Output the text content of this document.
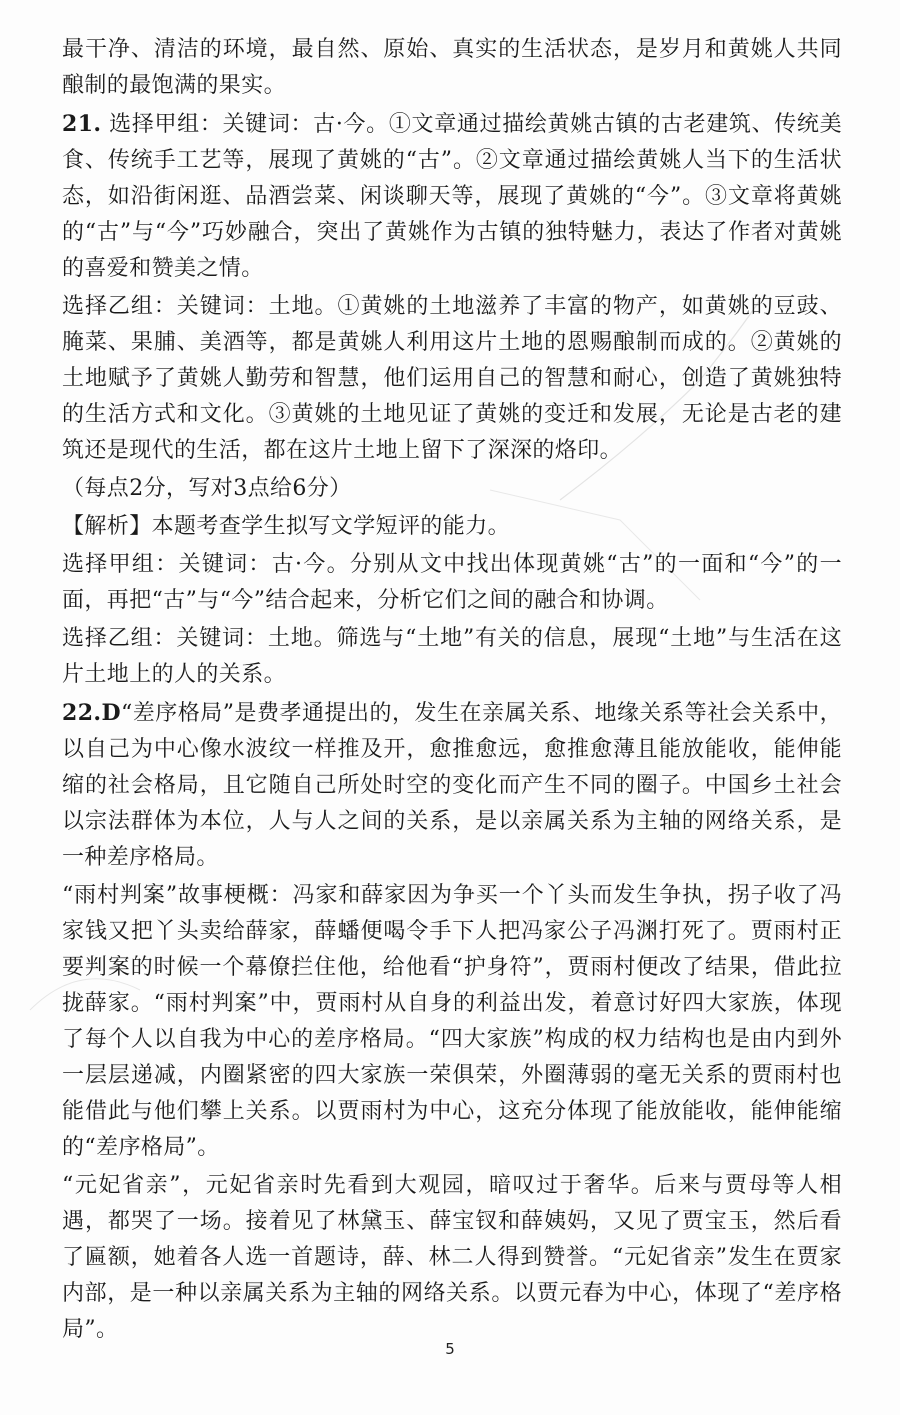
最干净、清洁的环境，最自然、原始、真实的生活状态，是岁月和黄姚人共同酿制的最饱满的果实。

21. 选择甲组：关键词：古·今。①文章通过描绘黄姚古镇的古老建筑、传统美食、传统手工艺等，展现了黄姚的“古”。②文章通过描绘黄姚人当下的生活状态，如沿街闲逛、品酒尝菜、闲谈聊天等，展现了黄姚的“今”。③文章将黄姚的“古”与“今”巧妙融合，突出了黄姚作为古镇的独特魅力，表达了作者对黄姚的喜爱和赞美之情。

选择乙组：关键词：土地。①黄姚的土地滋养了丰富的物产，如黄姚的豆豉、腌菜、果脯、美酒等，都是黄姚人利用这片土地的恩赐酿制而成的。②黄姚的土地赋予了黄姚人勤劳和智慧，他们运用自己的智慧和耐心，创造了黄姚独特的生活方式和文化。③黄姚的土地见证了黄姚的变迁和发展，无论是古老的建筑还是现代的生活，都在这片土地上留下了深深的烙印。

（每点2分，写对3点给6分）

【解析】本题考查学生拟写文学短评的能力。

选择甲组：关键词：古·今。分别从文中找出体现黄姚“古”的一面和“今”的一面，再把“古”与“今”结合起来，分析它们之间的融合和协调。

选择乙组：关键词：土地。筛选与“土地”有关的信息，展现“土地”与生活在这片土地上的人的关系。

22.D“差序格局”是费孝通提出的，发生在亲属关系、地缘关系等社会关系中，以自己为中心像水波纹一样推及开，愈推愈远，愈推愈薄且能放能收，能伸能缩的社会格局，且它随自己所处时空的变化而产生不同的圈子。中国乡土社会以宗法群体为本位，人与人之间的关系，是以亲属关系为主轴的网络关系，是一种差序格局。

“雨村判案”故事梗概：冯家和薛家因为争买一个丫头而发生争执，拐子收了冯家钱又把丫头卖给薛家，薛蟠便喝令手下人把冯家公子冯渊打死了。贾雨村正要判案的时候一个幕僚拦住他，给他看“护身符”，贾雨村便改了结果，借此拉拢薛家。“雨村判案”中，贾雨村从自身的利益出发，着意讨好四大家族，体现了每个人以自我为中心的差序格局。“四大家族”构成的权力结构也是由内到外一层层递减，内圈紧密的四大家族一荣俱荣，外圈薄弱的毫无关系的贾雨村也能借此与他们攀上关系。以贾雨村为中心，这充分体现了能放能收，能伸能缩的“差序格局”。

“元妃省亲”，元妃省亲时先看到大观园，暗叹过于奢华。后来与贾母等人相遇，都哭了一场。接着见了林黛玉、薛宝钗和薛姨妈，又见了贾宝玉，然后看了匾额，她着各人选一首题诗，薛、林二人得到赞誉。“元妃省亲”发生在贾家内部，是一种以亲属关系为主轴的网络关系。以贾元春为中心，体现了“差序格局”。

5
